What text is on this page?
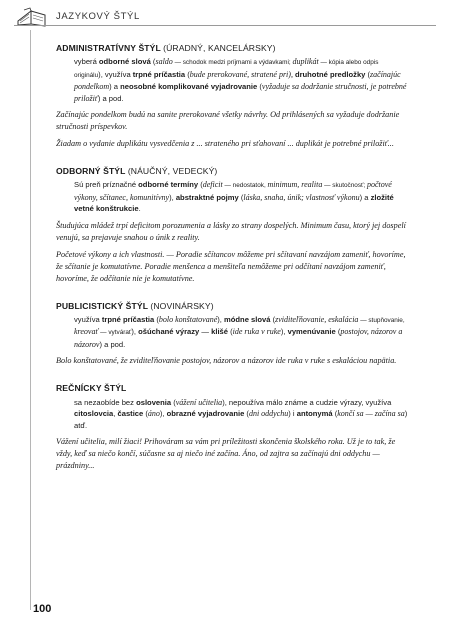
JAZYKOVÝ ŠTÝL
ADMINISTRATÍVNY ŠTÝL (ÚRADNÝ, KANCELÁRSKY)
vyberá odborné slová (saldo — schodok medzi príjmami a výdavkami; duplikát — kópia alebo odpis originálu), využíva trpné príčastia (bude prerokované, stratené pri), druhotné predložky (začínajúc pondelkom) a neosobné komplikované vyjadrovanie (vyžaduje sa dodržanie stručnosti, je potrebné priložiť) a pod.
Začínajúc pondelkom budú na sanite prerokované všetky návrhy. Od prihlásených sa vyžaduje dodržanie stručnosti príspevkov.
Žiadam o vydanie duplikátu vysvedčenia z ... strateného pri sťahovaní ... duplikát je potrebné priložiť...
ODBORNÝ ŠTÝL (NÁUČNÝ, VEDECKÝ)
Sú preň príznačné odborné termíny (deficit — nedostatok, minimum, realita — skutočnosť; počtové výkony, sčítanec, komunitívny), abstraktné pojmy (láska, snaha, únik; vlastnosť výkonu) a zložité vetné konštrukcie.
Študujúca mládež trpí deficitom porozumenia a lásky zo strany dospelých. Minimum času, ktorý jej dospelí venujú, sa prejavuje snahou o únik z reality.
Početové výkony a ich vlastnosti. — Poradie sčítancov môžeme pri sčítavaní navzájom zameniť, hovoríme, že sčítanie je komutatívne. Poradie menšenca a menšiteľa nemôžeme pri odčítaní navzájom zameniť, hovoríme, že odčítanie nie je komutatívne.
PUBLICISTICKÝ ŠTÝL (NOVINÁRSKY)
využíva trpné príčastia (bolo konštatované), módne slová (zviditeľňovanie, eskalácia — stupňovanie, kreovať — vytvárať), ošúchané výrazy — klišé (ide ruka v ruke), vymenúvanie (postojov, názorov a názorov) a pod.
Bolo konštatované, že zviditeľňovanie postojov, názorov a názorov ide ruka v ruke s eskaláciou napätia.
REČNÍCKY ŠTÝL
sa nezaobíde bez oslovenia (vážení učitelia), nepoužíva málo známe a cudzie výrazy, využíva citoslovcia, častice (áno), obrazné vyjadrovanie (dni oddychu) i antonymá (končí sa — začína sa) atď.
Vážení učitelia, milí žiaci! Prihováram sa vám pri príležitosti skončenia školského roka. Už je to tak, že vždy, keď sa niečo končí, súčasne sa aj niečo iné začína. Áno, od zajtra sa začínajú dni oddychu — prázdniny...
100
